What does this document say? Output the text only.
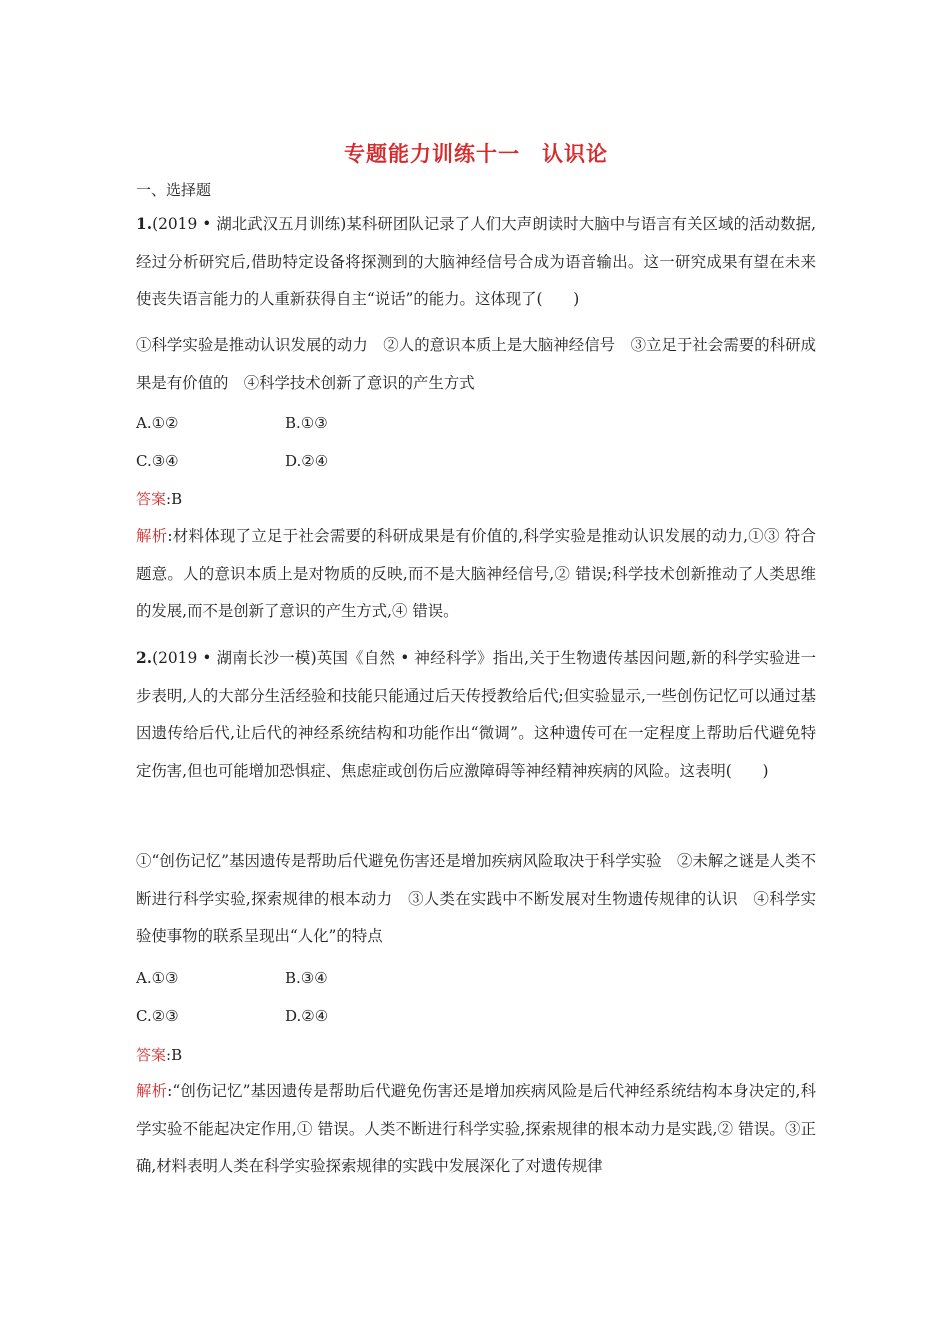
专题能力训练十一　认识论
一、选择题
1.(2019 • 湖北武汉五月训练)某科研团队记录了人们大声朗读时大脑中与语言有关区域的活动数据,经过分析研究后,借助特定设备将探测到的大脑神经信号合成为语音输出。这一研究成果有望在未来使丧失语言能力的人重新获得自主“说话”的能力。这体现了(　　)
①科学实验是推动认识发展的动力　②人的意识本质上是大脑神经信号　③立足于社会需要的科研成果是有价值的　④科学技术创新了意识的产生方式
A.①②	B.①③
C.③④	D.②④
答案:B
解析:材料体现了立足于社会需要的科研成果是有价值的,科学实验是推动认识发展的动力,①③ 符合题意。人的意识本质上是对物质的反映,而不是大脑神经信号,② 错误;科学技术创新推动了人类思维的发展,而不是创新了意识的产生方式,④ 错误。
2.(2019 • 湖南长沙一模)英国《自然 • 神经科学》指出,关于生物遗传基因问题,新的科学实验进一步表明,人的大部分生活经验和技能只能通过后天传授教给后代;但实验显示,一些创伤记忆可以通过基因遗传给后代,让后代的神经系统结构和功能作出“微调”。这种遗传可在一定程度上帮助后代避免特定伤害,但也可能增加恐惧症、焦虑症或创伤后应激障碍等神经精神疾病的风险。这表明(　　)
①“创伤记忆”基因遗传是帮助后代避免伤害还是增加疾病风险取决于科学实验　②未解之谜是人类不断进行科学实验,探索规律的根本动力　③人类在实践中不断发展对生物遗传规律的认识　④科学实验使事物的联系呈现出“人化”的特点
A.①③	B.③④
C.②③	D.②④
答案:B
解析:“创伤记忆”基因遗传是帮助后代避免伤害还是增加疾病风险是后代神经系统结构本身决定的,科学实验不能起决定作用,① 错误。人类不断进行科学实验,探索规律的根本动力是实践,② 错误。③正确,材料表明人类在科学实验探索规律的实践中发展深化了对遗传规律
